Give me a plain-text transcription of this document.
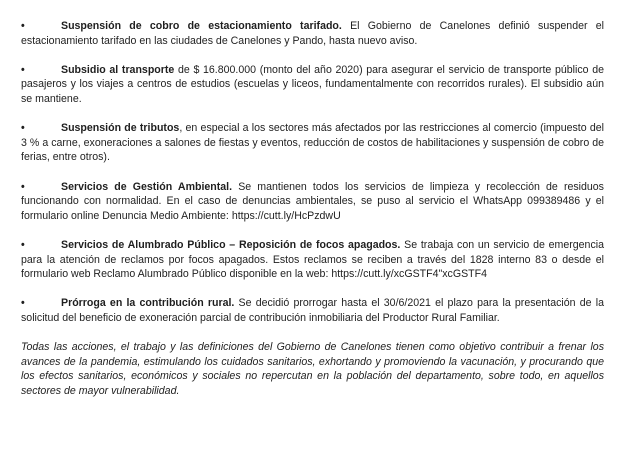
•	Suspensión de cobro de estacionamiento tarifado. El Gobierno de Canelones definió suspender el estacionamiento tarifado en las ciudades de Canelones y Pando, hasta nuevo aviso.
•	Subsidio al transporte de $ 16.800.000 (monto del año 2020) para asegurar el servicio de transporte público de pasajeros y los viajes a centros de estudios (escuelas y liceos, fundamentalmente con recorridos rurales). El subsidio aún se mantiene.
•	Suspensión de tributos, en especial a los sectores más afectados por las restricciones al comercio (impuesto del 3 % a carne, exoneraciones a salones de fiestas y eventos, reducción de costos de habilitaciones y suspensión de cobro de ferias, entre otros).
•	Servicios de Gestión Ambiental. Se mantienen todos los servicios de limpieza y recolección de residuos funcionando con normalidad. En el caso de denuncias ambientales, se puso al servicio el WhatsApp 099389486 y el formulario online Denuncia Medio Ambiente: https://cutt.ly/HcPzdwU
•	Servicios de Alumbrado Público – Reposición de focos apagados. Se trabaja con un servicio de emergencia para la atención de reclamos por focos apagados. Estos reclamos se reciben a través del 1828 interno 83 o desde el formulario web Reclamo Alumbrado Público disponible en la web: https://cutt.ly/xcGSTF4"xcGSTF4
•	Prórroga en la contribución rural. Se decidió prorrogar hasta el 30/6/2021 el plazo para la presentación de la solicitud del beneficio de exoneración parcial de contribución inmobiliaria del Productor Rural Familiar.

Todas las acciones, el trabajo y las definiciones del Gobierno de Canelones tienen como objetivo contribuir a frenar los avances de la pandemia, estimulando los cuidados sanitarios, exhortando y promoviendo la vacunación, y procurando que los efectos sanitarios, económicos y sociales no repercutan en la población del departamento, sobre todo, en aquellos sectores de mayor vulnerabilidad.
